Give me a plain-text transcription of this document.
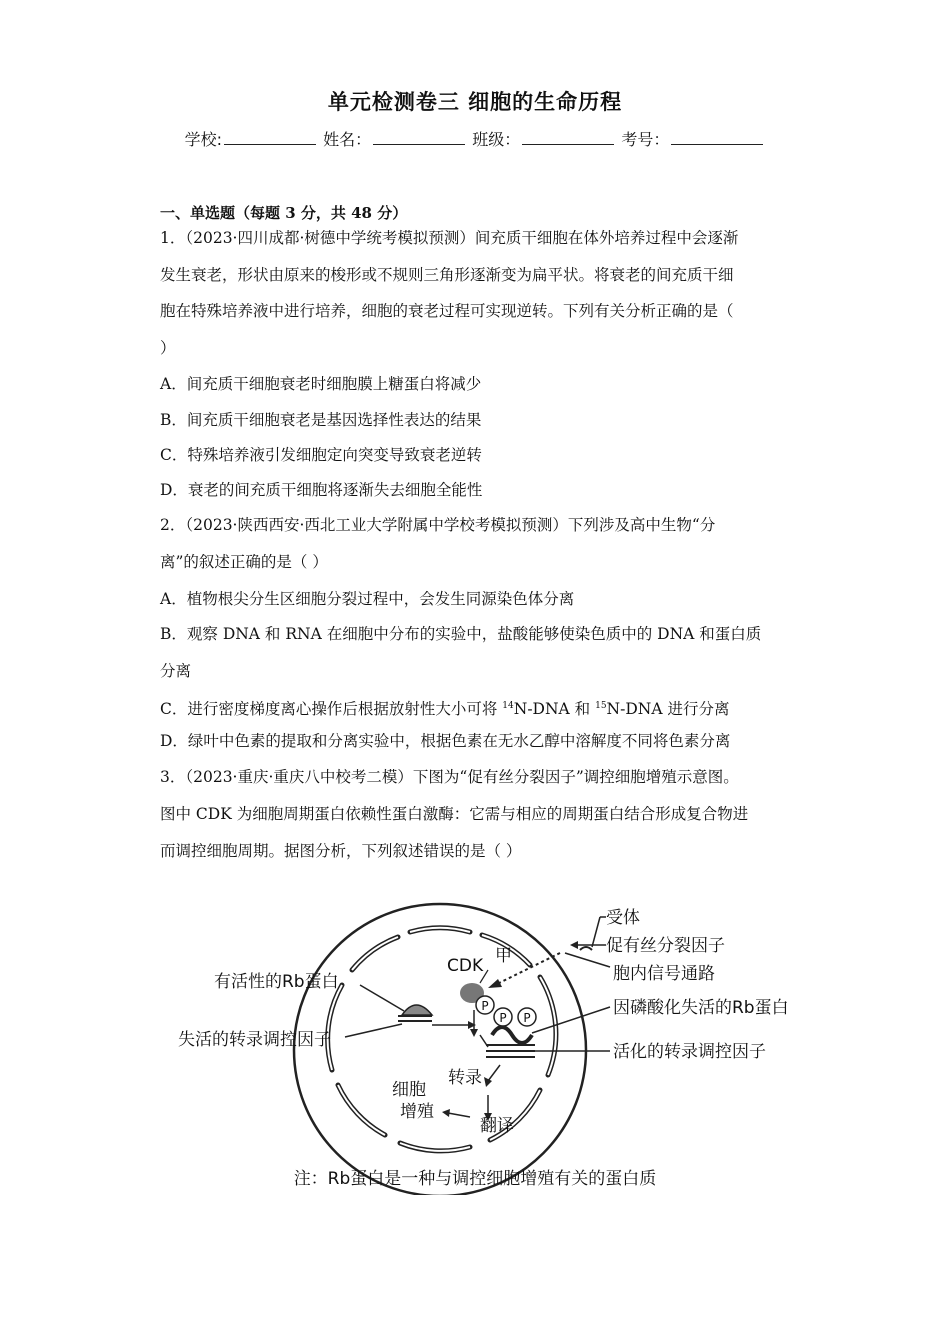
单元检测卷三 细胞的生命历程
学校:	姓名：	班级：	考号：
一、单选题（每题 3 分，共 48 分）
1．（2023·四川成都·树德中学统考模拟预测）间充质干细胞在体外培养过程中会逐渐
发生衰老，形状由原来的梭形或不规则三角形逐渐变为扁平状。将衰老的间充质干细
胞在特殊培养液中进行培养，细胞的衰老过程可实现逆转。下列有关分析正确的是（
）
A．间充质干细胞衰老时细胞膜上糖蛋白将减少
B．间充质干细胞衰老是基因选择性表达的结果
C．特殊培养液引发细胞定向突变导致衰老逆转
D．衰老的间充质干细胞将逐渐失去细胞全能性
2．（2023·陕西西安·西北工业大学附属中学校考模拟预测）下列涉及高中生物“分
离”的叙述正确的是（ ）
A．植物根尖分生区细胞分裂过程中，会发生同源染色体分离
B．观察 DNA 和 RNA 在细胞中分布的实验中，盐酸能够使染色质中的 DNA 和蛋白质
分离
C．进行密度梯度离心操作后根据放射性大小可将 $^{14}$N-DNA 和 $^{15}$N-DNA 进行分离
D．绿叶中色素的提取和分离实验中，根据色素在无水乙醇中溶解度不同将色素分离
3．（2023·重庆·重庆八中校考二模）下图为“促有丝分裂因子”调控细胞增殖示意图。
图中 CDK 为细胞周期蛋白依赖性蛋白激酶：它需与相应的周期蛋白结合形成复合物进
而调控细胞周期。据图分析，下列叙述错误的是（ ）
P
P P
受体
促有丝分裂因子
胞内信号通路
有活性的Rb蛋白
CDK 甲
因磷酸化失活的Rb蛋白
失活的转录调控因子
活化的转录调控因子
转录
细胞
增殖
翻译
注：Rb蛋白是一种与调控细胞增殖有关的蛋白质
